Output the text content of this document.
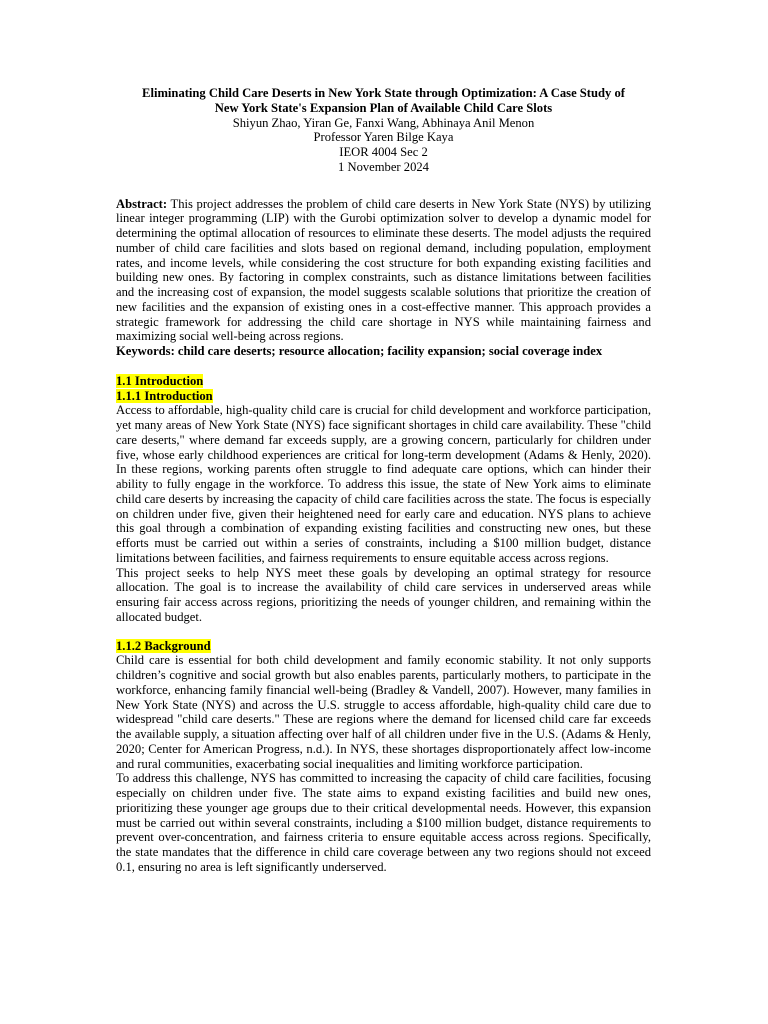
Eliminating Child Care Deserts in New York State through Optimization: A Case Study of
New York State's Expansion Plan of Available Child Care Slots
Shiyun Zhao, Yiran Ge, Fanxi Wang, Abhinaya Anil Menon
Professor Yaren Bilge Kaya
IEOR 4004 Sec 2
1 November 2024

Abstract: This project addresses the problem of child care deserts in New York State (NYS) by utilizing linear integer programming (LIP) with the Gurobi optimization solver to develop a dynamic model for determining the optimal allocation of resources to eliminate these deserts. The model adjusts the required number of child care facilities and slots based on regional demand, including population, employment rates, and income levels, while considering the cost structure for both expanding existing facilities and building new ones. By factoring in complex constraints, such as distance limitations between facilities and the increasing cost of expansion, the model suggests scalable solutions that prioritize the creation of new facilities and the expansion of existing ones in a cost-effective manner. This approach provides a strategic framework for addressing the child care shortage in NYS while maintaining fairness and maximizing social well-being across regions.

Keywords: child care deserts; resource allocation; facility expansion; social coverage index

1.1 Introduction
1.1.1 Introduction

Access to affordable, high-quality child care is crucial for child development and workforce participation, yet many areas of New York State (NYS) face significant shortages in child care availability. These "child care deserts," where demand far exceeds supply, are a growing concern, particularly for children under five, whose early childhood experiences are critical for long-term development (Adams & Henly, 2020). In these regions, working parents often struggle to find adequate care options, which can hinder their ability to fully engage in the workforce. To address this issue, the state of New York aims to eliminate child care deserts by increasing the capacity of child care facilities across the state. The focus is especially on children under five, given their heightened need for early care and education. NYS plans to achieve this goal through a combination of expanding existing facilities and constructing new ones, but these efforts must be carried out within a series of constraints, including a $100 million budget, distance limitations between facilities, and fairness requirements to ensure equitable access across regions.

This project seeks to help NYS meet these goals by developing an optimal strategy for resource allocation. The goal is to increase the availability of child care services in underserved areas while ensuring fair access across regions, prioritizing the needs of younger children, and remaining within the allocated budget.

1.1.2 Background

Child care is essential for both child development and family economic stability. It not only supports children’s cognitive and social growth but also enables parents, particularly mothers, to participate in the workforce, enhancing family financial well-being (Bradley & Vandell, 2007). However, many families in New York State (NYS) and across the U.S. struggle to access affordable, high-quality child care due to widespread "child care deserts." These are regions where the demand for licensed child care far exceeds the available supply, a situation affecting over half of all children under five in the U.S. (Adams & Henly, 2020; Center for American Progress, n.d.). In NYS, these shortages disproportionately affect low-income and rural communities, exacerbating social inequalities and limiting workforce participation.

To address this challenge, NYS has committed to increasing the capacity of child care facilities, focusing especially on children under five. The state aims to expand existing facilities and build new ones, prioritizing these younger age groups due to their critical developmental needs. However, this expansion must be carried out within several constraints, including a $100 million budget, distance requirements to prevent over-concentration, and fairness criteria to ensure equitable access across regions. Specifically, the state mandates that the difference in child care coverage between any two regions should not exceed 0.1, ensuring no area is left significantly underserved.
